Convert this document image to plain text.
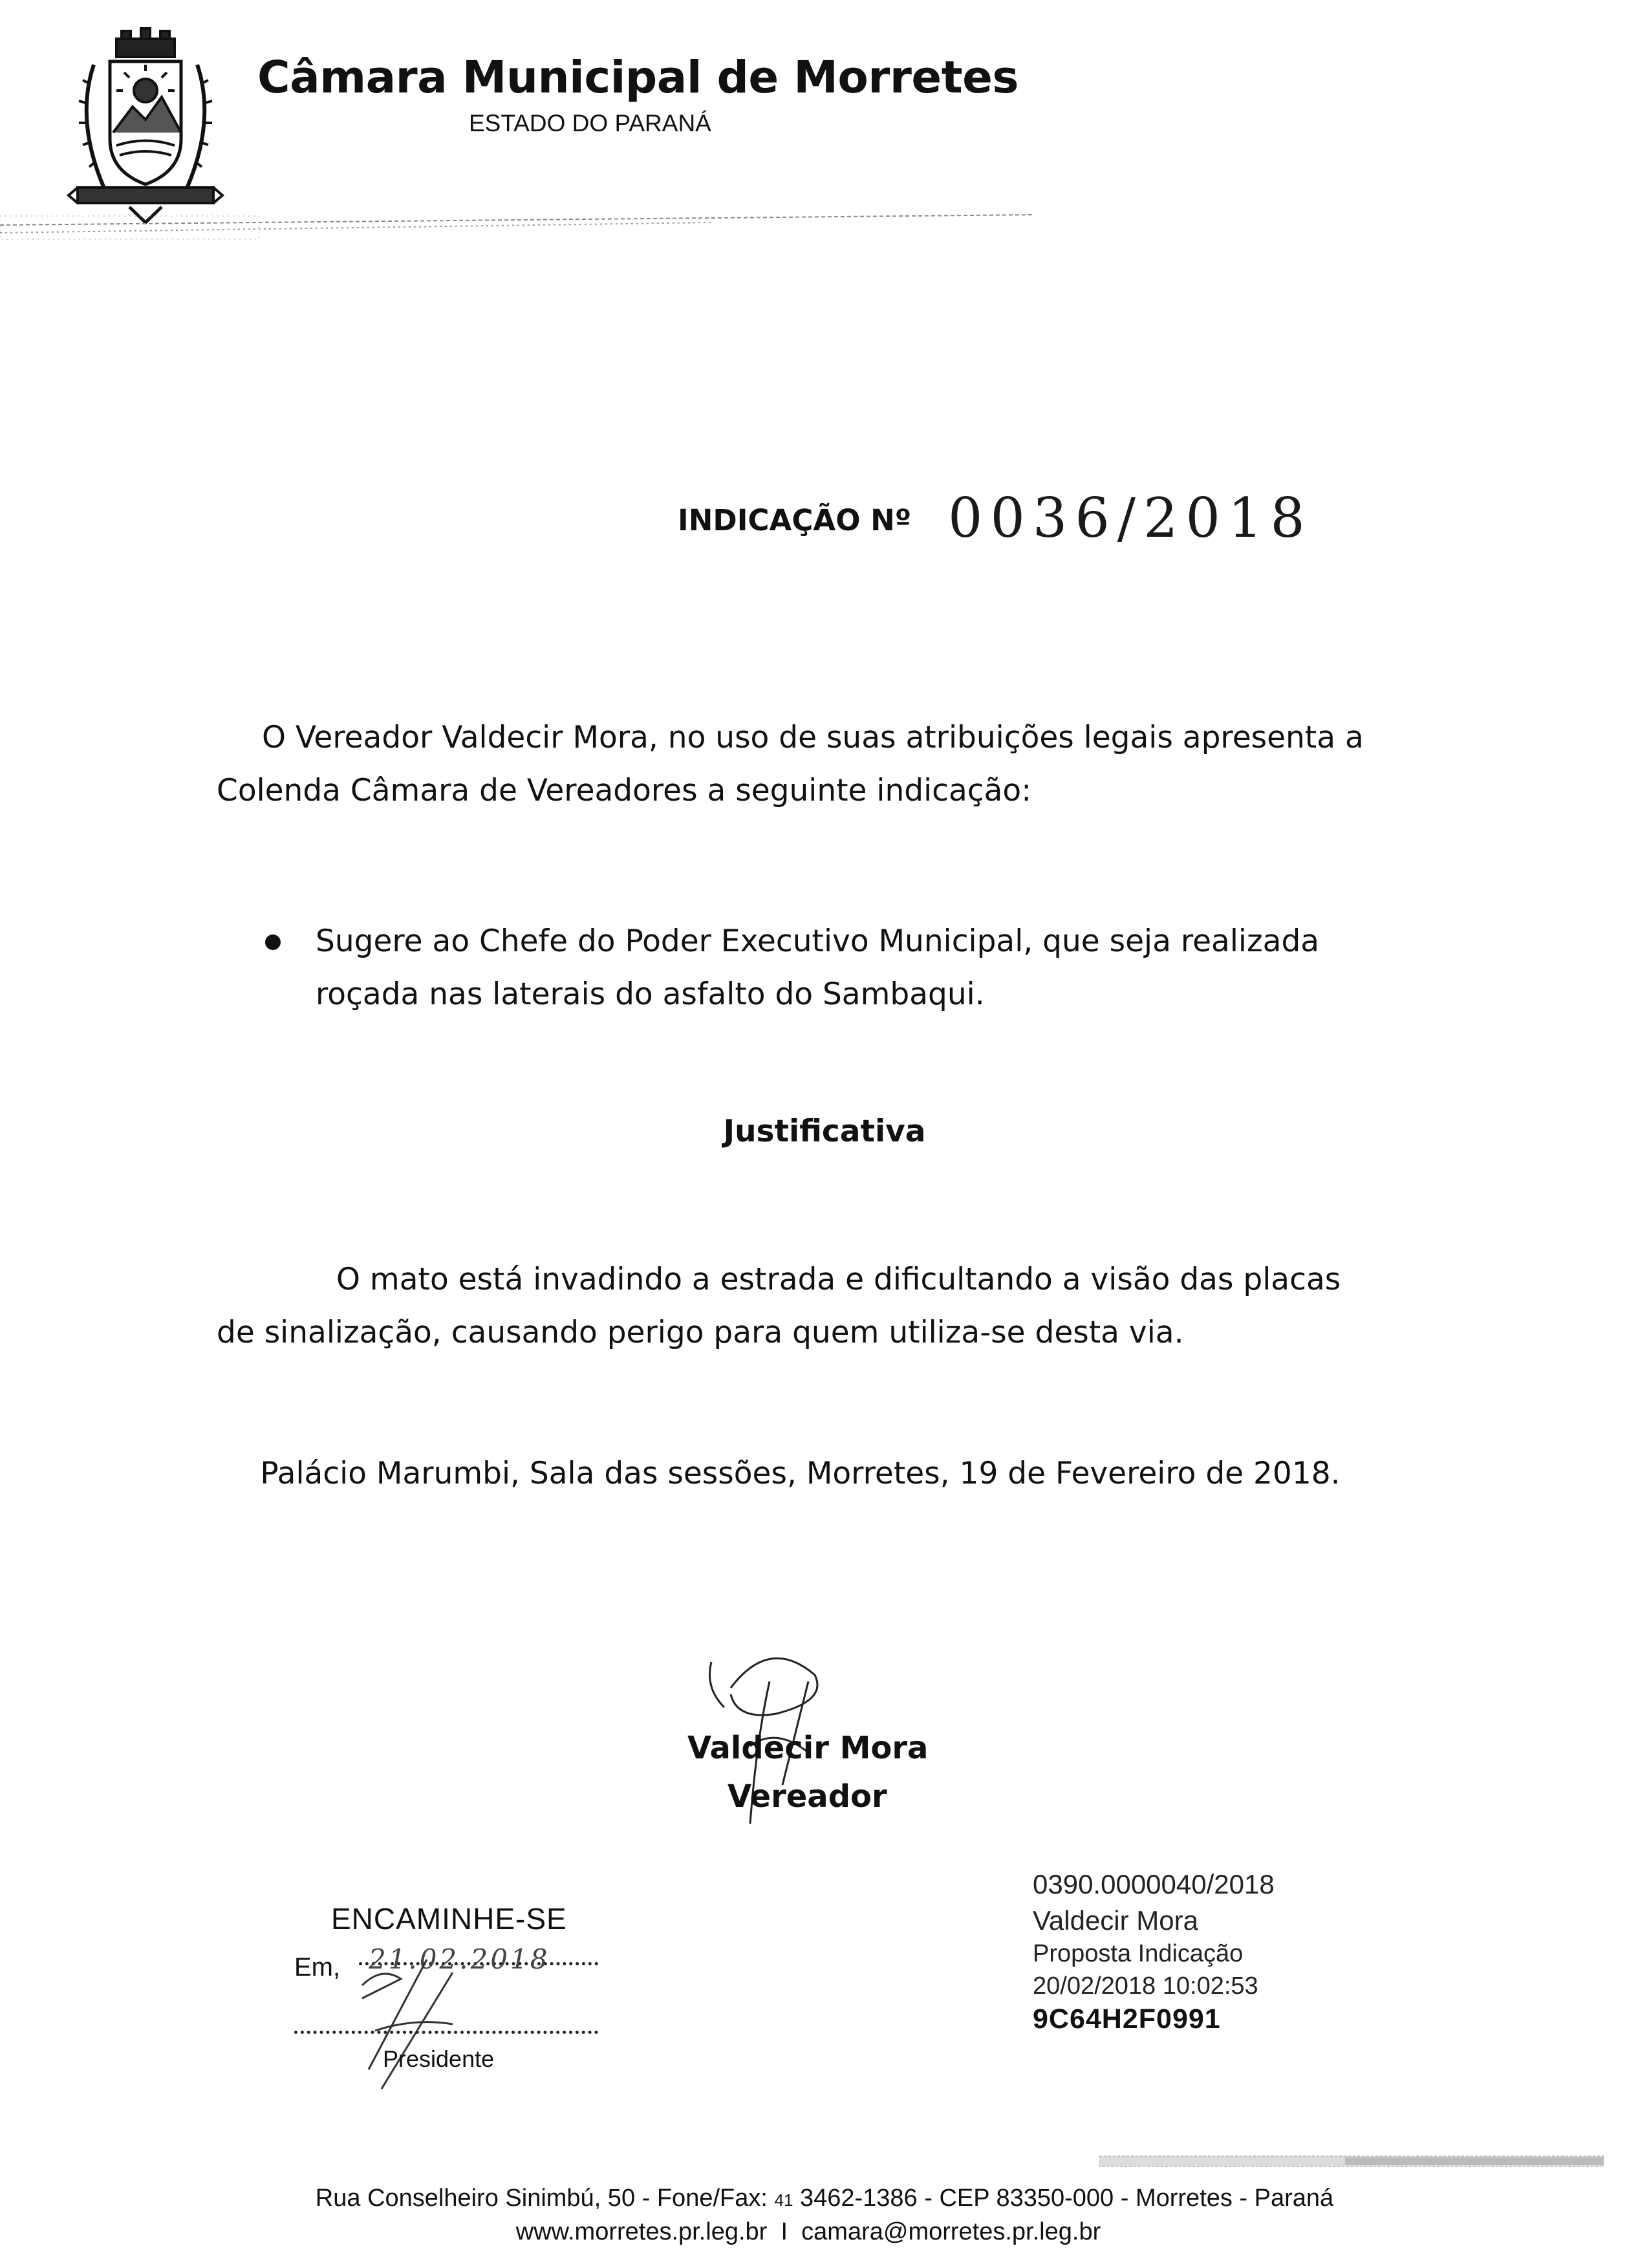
Câmara Municipal de Morretes
ESTADO DO PARANÁ
INDICAÇÃO Nº 0036/2018
O Vereador Valdecir Mora, no uso de suas atribuições legais apresenta a Colenda Câmara de Vereadores a seguinte indicação:
Sugere ao Chefe do Poder Executivo Municipal, que seja realizada roçada nas laterais do asfalto do Sambaqui.
Justificativa
O mato está invadindo a estrada e dificultando a visão das placas de sinalização, causando perigo para quem utiliza-se desta via.
Palácio Marumbi, Sala das sessões, Morretes, 19 de Fevereiro de 2018.
Valdecir Mora
Vereador
ENCAMINHE-SE
Em, 21.02.2018
Presidente
0390.0000040/2018
Valdecir Mora
Proposta Indicação
20/02/2018 10:02:53
9C64H2F0991
Rua Conselheiro Sinimbú, 50 - Fone/Fax: 41 3462-1386 - CEP 83350-000 - Morretes - Paraná
www.morretes.pr.leg.br I camara@morretes.pr.leg.br
